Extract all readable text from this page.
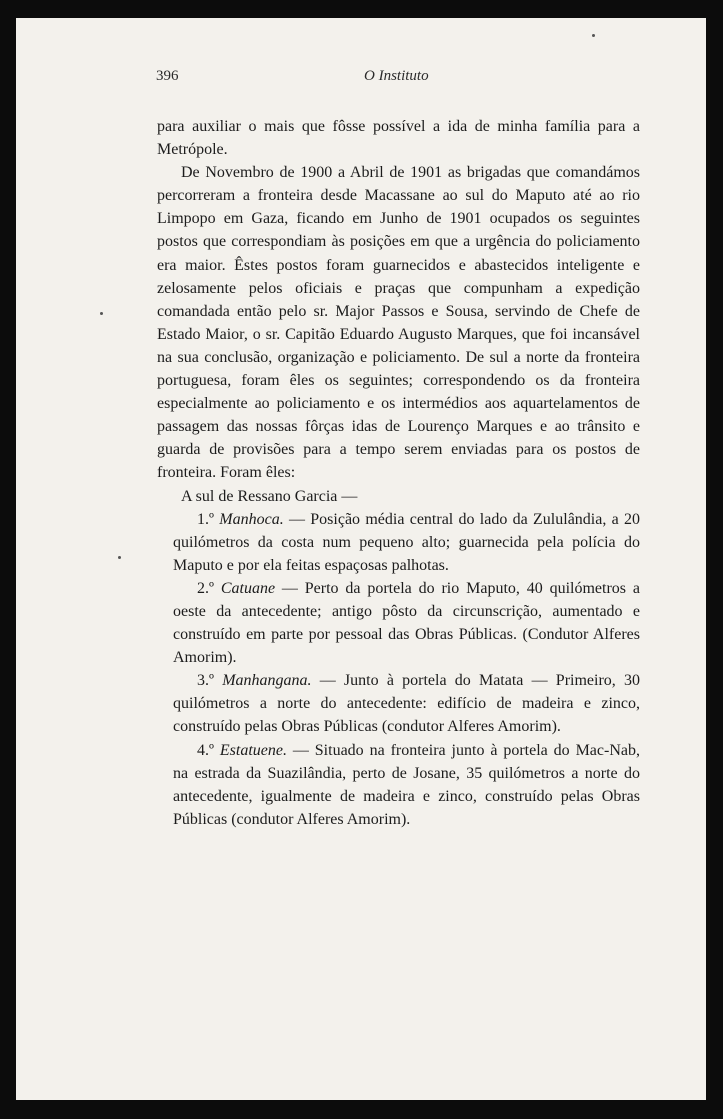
396	O Instituto

para auxiliar o mais que fôsse possível a ida de minha família para a Metrópole.

De Novembro de 1900 a Abril de 1901 as brigadas que comandámos percorreram a fronteira desde Macassane ao sul do Maputo até ao rio Limpopo em Gaza, ficando em Junho de 1901 ocupados os seguintes postos que correspondiam às posições em que a urgência do policiamento era maior. Êstes postos foram guarnecidos e abastecidos inteligente e zelosamente pelos oficiais e praças que compunham a expedição comandada então pelo sr. Major Passos e Sousa, servindo de Chefe de Estado Maior, o sr. Capitão Eduardo Augusto Marques, que foi incansável na sua conclusão, organização e policiamento. De sul a norte da fronteira portuguesa, foram êles os seguintes; correspondendo os da fronteira especialmente ao policiamento e os intermédios aos aquartelamentos de passagem das nossas fôrças idas de Lourenço Marques e ao trânsito e guarda de provisões para a tempo serem enviadas para os postos de fronteira. Foram êles:

A sul de Ressano Garcia —

1.º Manhoca. — Posição média central do lado da Zululândia, a 20 quilómetros da costa num pequeno alto; guarnecida pela polícia do Maputo e por ela feitas espaçosas palhotas.

2.º Catuane — Perto da portela do rio Maputo, 40 quilómetros a oeste da antecedente; antigo pôsto da circunscrição, aumentado e construído em parte por pessoal das Obras Públicas. (Condutor Alferes Amorim).

3.º Manhangana. — Junto à portela do Matata — Primeiro, 30 quilómetros a norte do antecedente: edifício de madeira e zinco, construído pelas Obras Públicas (condutor Alferes Amorim).

4.º Estatuene. — Situado na fronteira junto à portela do Mac-Nab, na estrada da Suazilândia, perto de Josane, 35 quilómetros a norte do antecedente, igualmente de madeira e zinco, construído pelas Obras Públicas (condutor Alferes Amorim).
